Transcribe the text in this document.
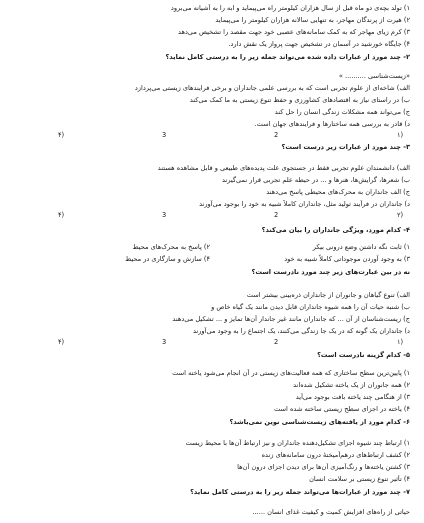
۱) تولد بچه‌ی دو ماه قبل از سال هزاران کیلومتر راه می‌پیماید و ابه را به آشیانه می‌برود
۲) هیرت از پرندگان مهاجر، به تنهایی سالانه هزاران کیلومتر را می‌پیماید
۳) کرم زیای مهاجر که به کمک سامانه‌های عصبی خود جهت مقصد را تشخیص می‌دهد
۴) جایگاه خورشید در آسمان در تشخیص جهت پرواز یک نقش دارد.
۲- چند مورد از عبارات داده شده می‌تواند جمله زیر را به درستی کامل نماید؟
«زیست‌شناسی .......... »
الف) شاخه‌ای از علوم تجربی است که به بررسی علمی جانداران و برخی فرایندهای زیستی می‌پردازد
ب) در راستای نیاز به اقتصادهای کشاورزی و حفظ تنوع زیستی به ما کمک می‌کند
ج) می‌تواند همه مشکلات زندگی انسان را حل کند
د) قادر به بررسی همه ساختارها و فرایندهای جهان است.
۱)
2
3
۴)
۳- چند مورد از عبارات زیر درست است؟
الف) دانشمندان علوم تجربی فقط در جستجوی علت پدیده‌های طبیعی و قابل مشاهده هستند
ب) شعرها، گرایش‌ها، هنرها و ... در حیطه علم تجربی قرار نمی‌گیرند
ج) الف جانداران به محرک‌های محیطی پاسخ می‌دهند
د) جانداران در فرآیند تولید مثل، جانداران کاملاً شبیه به خود را بوجود می‌آورند
۲)
2
3
۴)
۴- کدام مورد، ویژگی جانداران را بیان می‌کند؟
۱) ثابت نگه داشتن وضع درونی بیکر
۲) پاسخ به محرک‌های محیط
۳) به وجود آوردن موجوداتی کاملاً شبیه به خود
۴) سازش و سازگاری در محیط
نه در بین عبارت‌های زیر چند مورد نادرست است؟
الف) تنوع گیاهان و جانوران از جانداران ذره‌بینی بیشتر است
ب) شنبه حیات آن را همه شیوه جانداران قابل دیدن مانند یک گیاه خاص و
ج) زیست‌شناسان از آن ... که جانداران مانند غیر جاندار آن‌ها تمایز و ... تشکیل می‌دهند
د) جانداران یک گونه که در یک جا زندگی می‌کنند، یک اجتماع را به وجود می‌آورند
۱)
2
3
۴)
۵- کدام گزینه نادرست است؟
۱) پایین‌ترین سطح ساختاری که همه فعالیت‌های زیستی در آن انجام می‌شود یاخته است
۲) همه جانوران از یک یاخته تشکیل شده‌اند
۳) از هنگامی چند یاخته بافت بوجود می‌آید
۴) یاخته در اجزای سطح زیستی ساخته شده است
۶- کدام مورد از یافته‌های زیست‌شناسی نوین نمی‌باشد؟
۱) ارتباط چند شیوه اجزای تشکیل‌دهنده جانداران و نیز ارتباط آن‌ها با محیط زیست
۲) کشف ارتباط‌های درهم‌آمیختهٔ درون سامانه‌های زنده
۳) کشتن یاخته‌ها و رنگ‌آمیزی آن‌ها برای دیدن اجزای درون آن‌ها
۴) تأثیر تنوع زیستی بر سلامت انسان
۷- چند مورد از عبارات‌ها می‌تواند جمله زیر را به درستی کامل نماید؟
حیاتی از راه‌های افزایش کمیت و کیفیت غذای انسان ......
